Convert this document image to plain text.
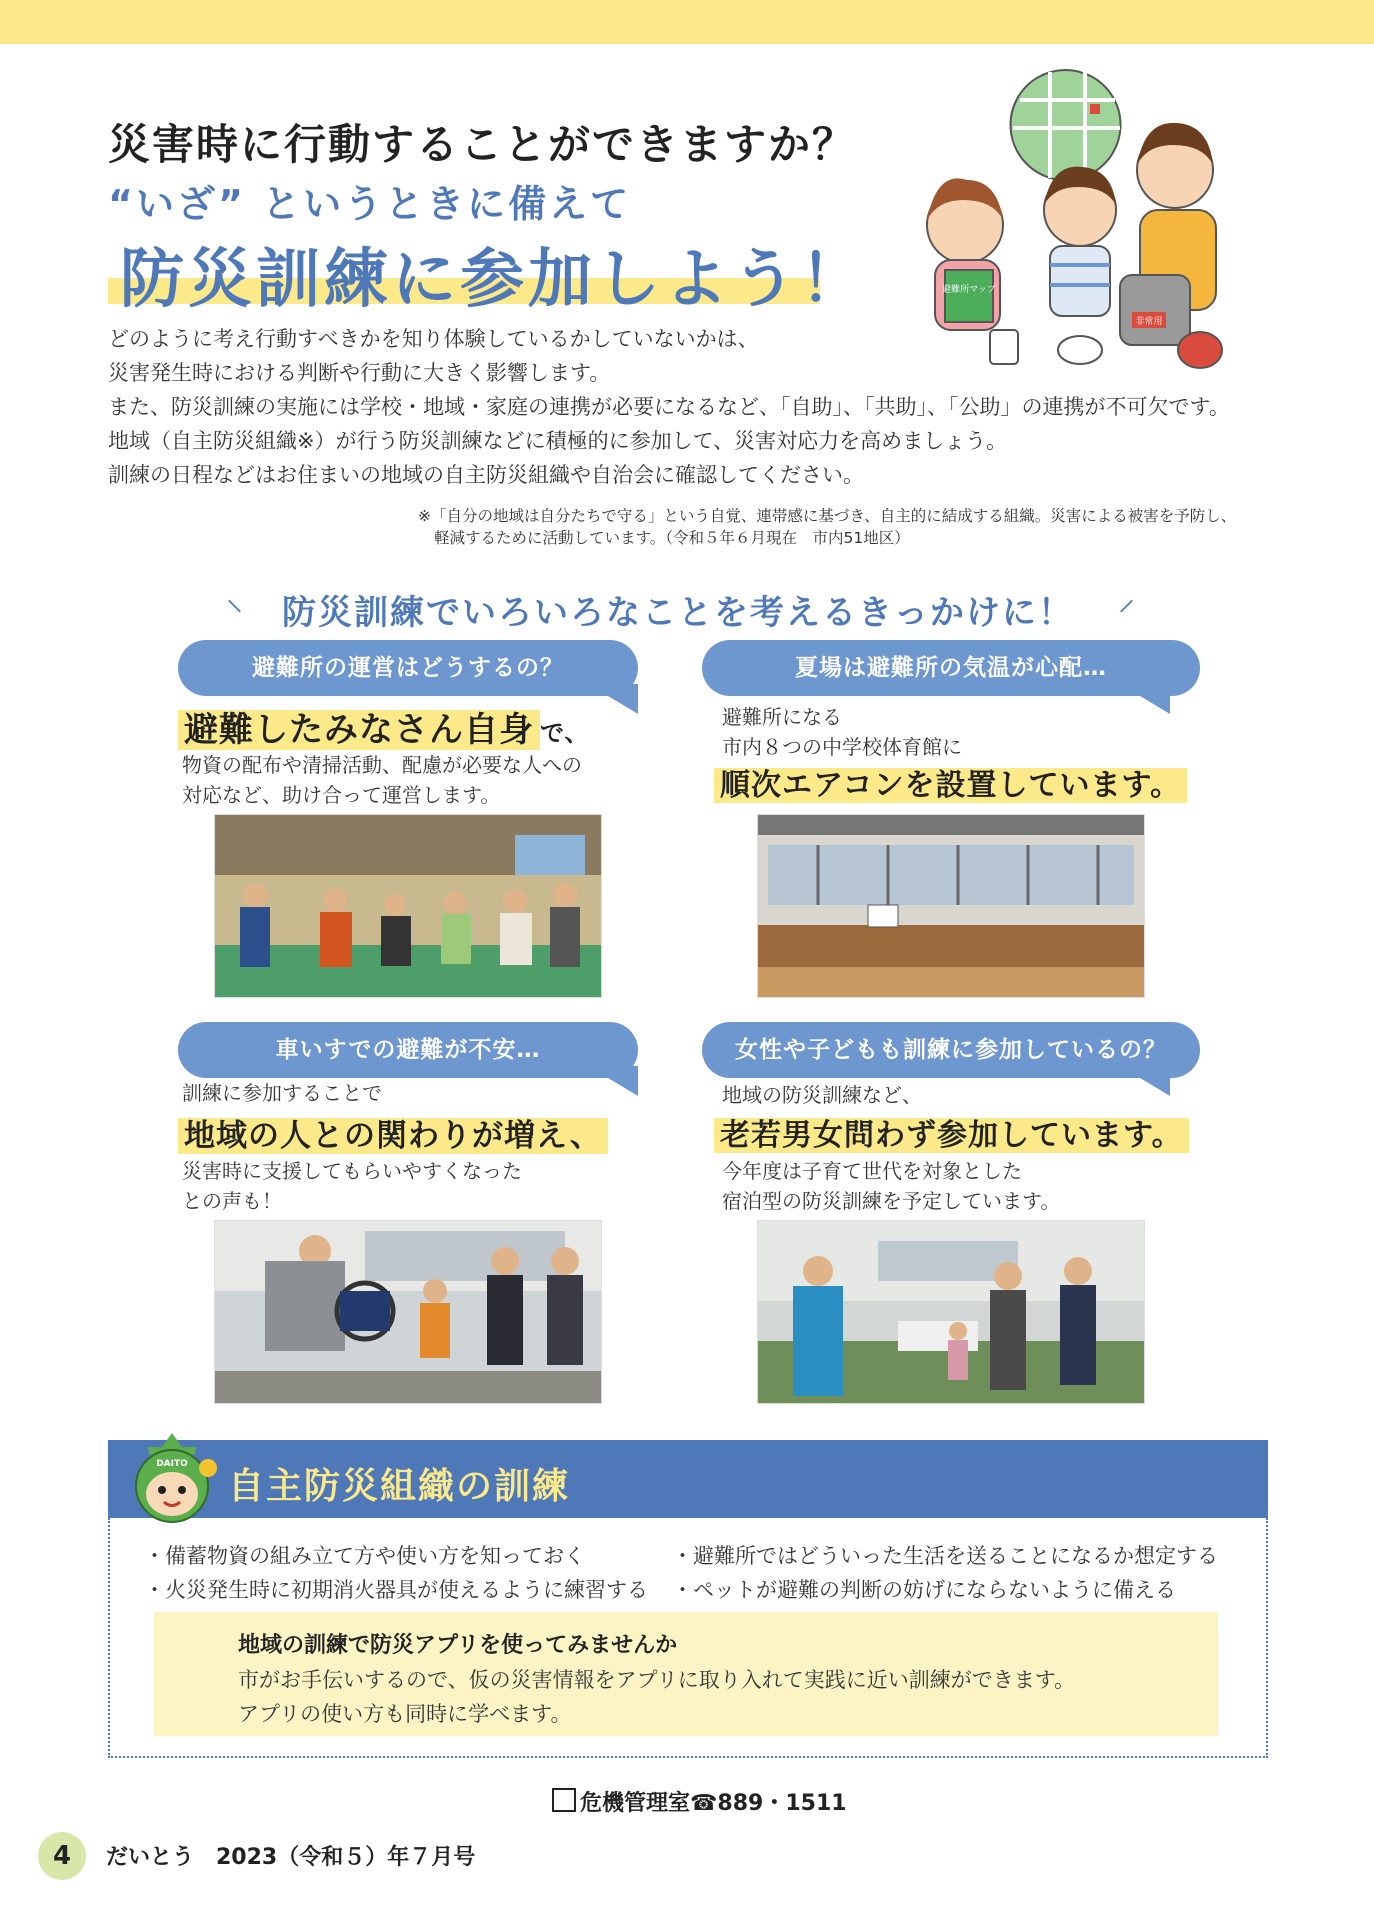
災害時に行動することができますか？
“いざ” というときに備えて
防災訓練に参加しよう！	避難所マップ
非常用

どのように考え行動すべきかを知り体験しているかしていないかは、

災害発生時における判断や行動に大きく影響します。

また、防災訓練の実施には学校・地域・家庭の連携が必要になるなど、「自助」、「共助」、「公助」の連携が不可欠です。

地域（自主防災組織※）が行う防災訓練などに積極的に参加して、災害対応力を高めましょう。

訓練の日程などはお住まいの地域の自主防災組織や自治会に確認してください。

※「自分の地域は自分たちで守る」という自覚、連帯感に基づき、自主的に結成する組織。災害による被害を予防し、

軽減するために活動しています。（令和５年６月現在　市内51地区）

⸌ 防災訓練でいろいろなことを考えるきっかけに！ ⸍
避難所の運営はどうするの？
避難したみなさん自身 で、
物資の配布や清掃活動、配慮が必要な人への
対応など、助け合って運営します。
夏場は避難所の気温が心配…
避難所になる
市内８つの中学校体育館に
順次エアコンを設置しています。
車いすでの避難が不安…
訓練に参加することで
地域の人との関わりが増え、
災害時に支援してもらいやすくなった
との声も！
女性や子どもも訓練に参加しているの？
地域の防災訓練など、
老若男女問わず参加しています。
今年度は子育て世代を対象とした
宿泊型の防災訓練を予定しています。
DAITO
自主防災組織の訓練
・備蓄物資の組み立て方や使い方を知っておく	・避難所ではどういった生活を送ることになるか想定する
・火災発生時に初期消火器具が使えるように練習する ・ペットが避難の判断の妨げにならないように備える
地域の訓練で防災アプリを使ってみませんか
市がお手伝いするので、仮の災害情報をアプリに取り入れて実践に近い訓練ができます。
アプリの使い方も同時に学べます。
危機管理室☎889・1511
4	だいとう　2023（令和５）年７月号
